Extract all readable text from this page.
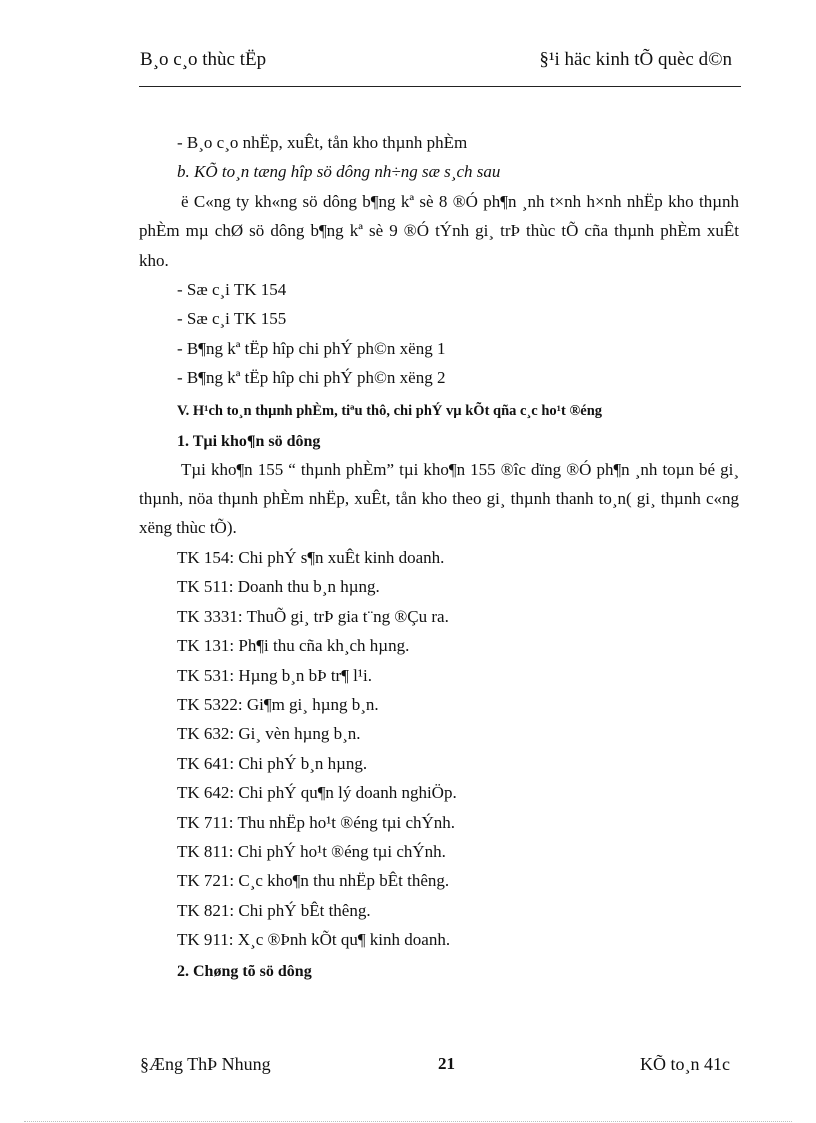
B¸o c¸o thùc tËp	§¹i häc kinh tÕ quèc d©n
- B¸o c¸o nhËp, xuÊt, tån kho thµnh phÈm
b. KÕ to¸n tæng hîp sö dông nh÷ng sæ s¸ch sau
ë C«ng ty kh«ng sö dông b¶ng kª sè 8 ®Ó ph¶n ¸nh t×nh h×nh nhËp kho thµnh phÈm mµ chØ sö dông b¶ng kª sè 9 ®Ó tÝnh gi¸ trÞ thùc tÕ cña thµnh phÈm xuÊt kho.
- Sæ c¸i TK 154
- Sæ c¸i TK 155
- B¶ng kª tËp hîp chi phÝ ph©n xëng 1
- B¶ng kª tËp hîp chi phÝ ph©n xëng 2
V. H¹ch to¸n thµnh phÈm, tiªu thô, chi phÝ vµ kÕt qña c¸c ho¹t ®éng
1. Tµi kho¶n sö dông
Tµi kho¶n 155 “ thµnh phÈm” tµi kho¶n 155 ®îc dïng ®Ó ph¶n ¸nh toµn bé gi¸ thµnh, nöa thµnh phÈm nhËp, xuÊt, tån kho theo gi¸ thµnh thanh to¸n( gi¸ thµnh c«ng xëng thùc tÕ).
TK 154: Chi phÝ s¶n xuÊt kinh doanh.
TK 511: Doanh thu b¸n hµng.
TK 3331: ThuÕ gi¸ trÞ gia t¨ng ®Çu ra.
TK 131: Ph¶i thu cña kh¸ch hµng.
TK 531: Hµng b¸n bÞ tr¶ l¹i.
TK 5322: Gi¶m gi¸ hµng b¸n.
TK 632: Gi¸ vèn hµng b¸n.
TK 641: Chi phÝ b¸n hµng.
TK 642: Chi phÝ qu¶n lý doanh nghiÖp.
TK 711: Thu nhËp ho¹t ®éng tµi chÝnh.
TK 811: Chi phÝ ho¹t ®éng tµi chÝnh.
TK 721: C¸c kho¶n thu nhËp bÊt thêng.
TK 821: Chi phÝ bÊt thêng.
TK 911: X¸c ®Þnh kÕt qu¶ kinh doanh.
2. Chøng tõ sö dông
§Æng ThÞ Nhung	21	KÕ to¸n 41c
